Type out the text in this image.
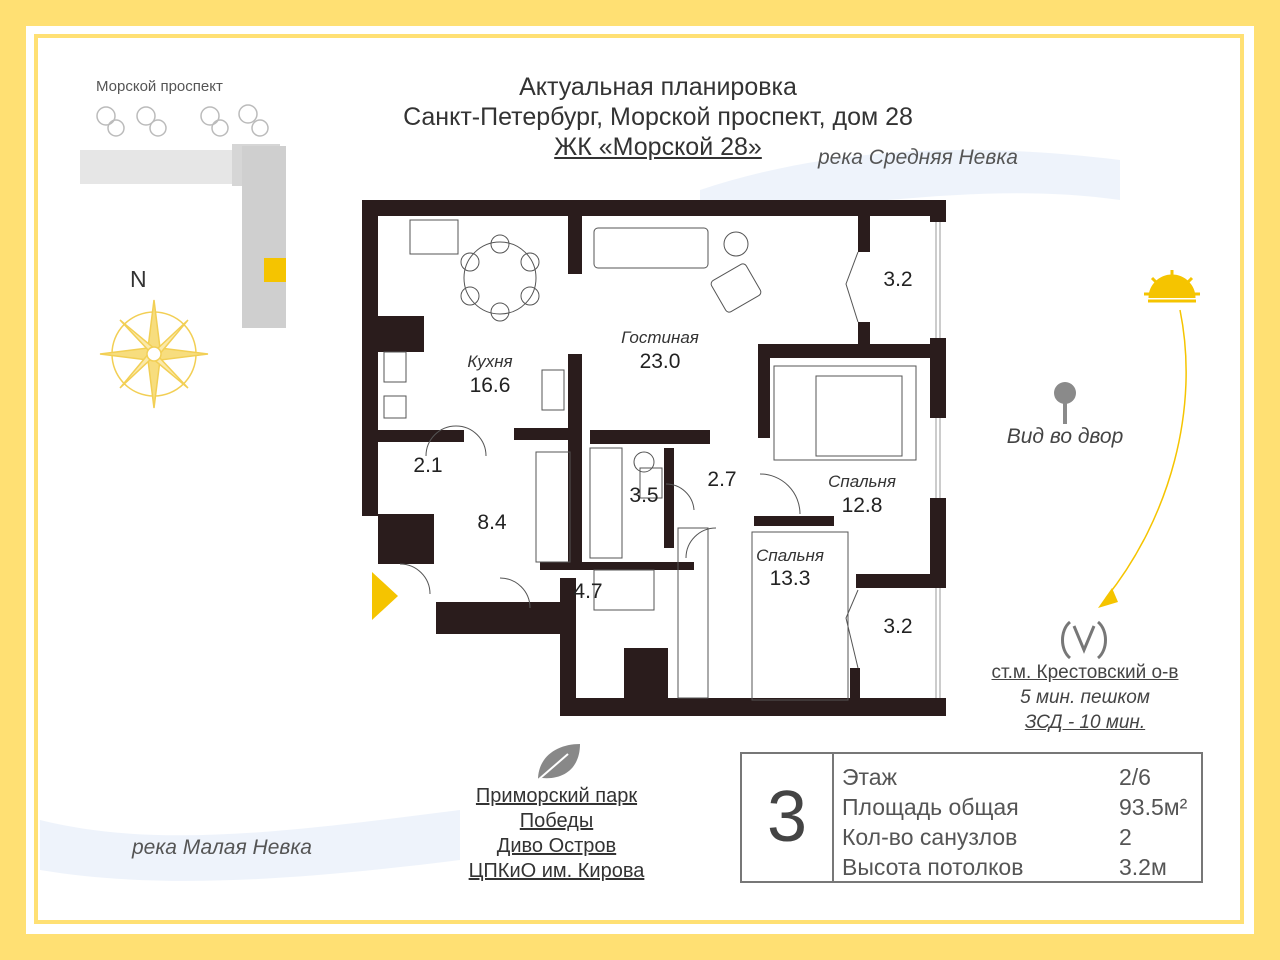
Актуальная планировка
Санкт-Петербург, Морской проспект, дом 28
ЖК «Морской 28»	река Средняя Невка
река Малая Невка
Морской проспект
N
Гостиная
23.0
Кухня
16.6
3.2
Спальня
12.8
2.1
8.4
3.5
2.7
4.7
Спальня
13.3
3.2
Вид во двор
ст.м. Крестовский о-в
5 мин. пешком
ЗСД - 10 мин.
Приморский парк
Победы
Диво Остров
ЦПКиО им. Кирова
3	Этаж	2/6
Площадь общая	93.5м²
Кол-во санузлов	2
Высота потолков	3.2м
